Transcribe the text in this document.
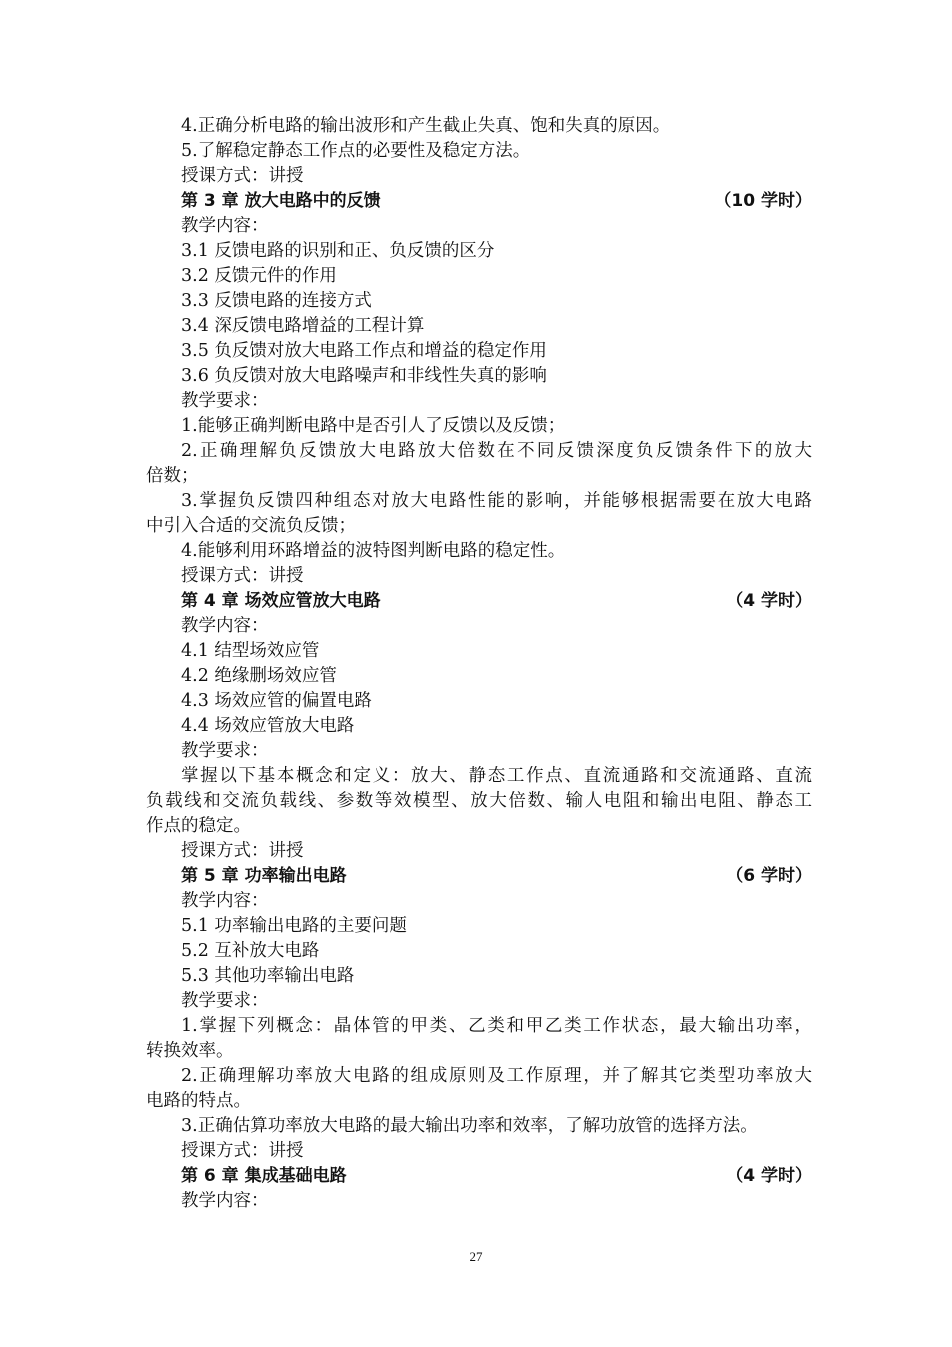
4.正确分析电路的输出波形和产生截止失真、饱和失真的原因。
5.了解稳定静态工作点的必要性及稳定方法。
授课方式：讲授
第 3 章 放大电路中的反馈	（10 学时）
教学内容：
3.1 反馈电路的识别和正、负反馈的区分
3.2 反馈元件的作用
3.3 反馈电路的连接方式
3.4 深反馈电路增益的工程计算
3.5 负反馈对放大电路工作点和增益的稳定作用
3.6 负反馈对放大电路噪声和非线性失真的影响
教学要求：
1.能够正确判断电路中是否引人了反馈以及反馈；
2.正确理解负反馈放大电路放大倍数在不同反馈深度负反馈条件下的放大
倍数；
3.掌握负反馈四种组态对放大电路性能的影响，并能够根据需要在放大电路
中引入合适的交流负反馈；
4.能够利用环路增益的波特图判断电路的稳定性。
授课方式：讲授
第 4 章 场效应管放大电路	（4 学时）
教学内容：
4.1 结型场效应管
4.2 绝缘删场效应管
4.3 场效应管的偏置电路
4.4 场效应管放大电路
教学要求：
掌握以下基本概念和定义：放大、静态工作点、直流通路和交流通路、直流
负载线和交流负载线、参数等效模型、放大倍数、输人电阻和输出电阻、静态工
作点的稳定。
授课方式：讲授
第 5 章 功率输出电路	（6 学时）
教学内容：
5.1 功率输出电路的主要问题
5.2 互补放大电路
5.3 其他功率输出电路
教学要求：
1.掌握下列概念：晶体管的甲类、乙类和甲乙类工作状态，最大输出功率，
转换效率。
2.正确理解功率放大电路的组成原则及工作原理，并了解其它类型功率放大
电路的特点。
3.正确估算功率放大电路的最大输出功率和效率，了解功放管的选择方法。
授课方式：讲授
第 6 章 集成基础电路	（4 学时）
教学内容：
27
